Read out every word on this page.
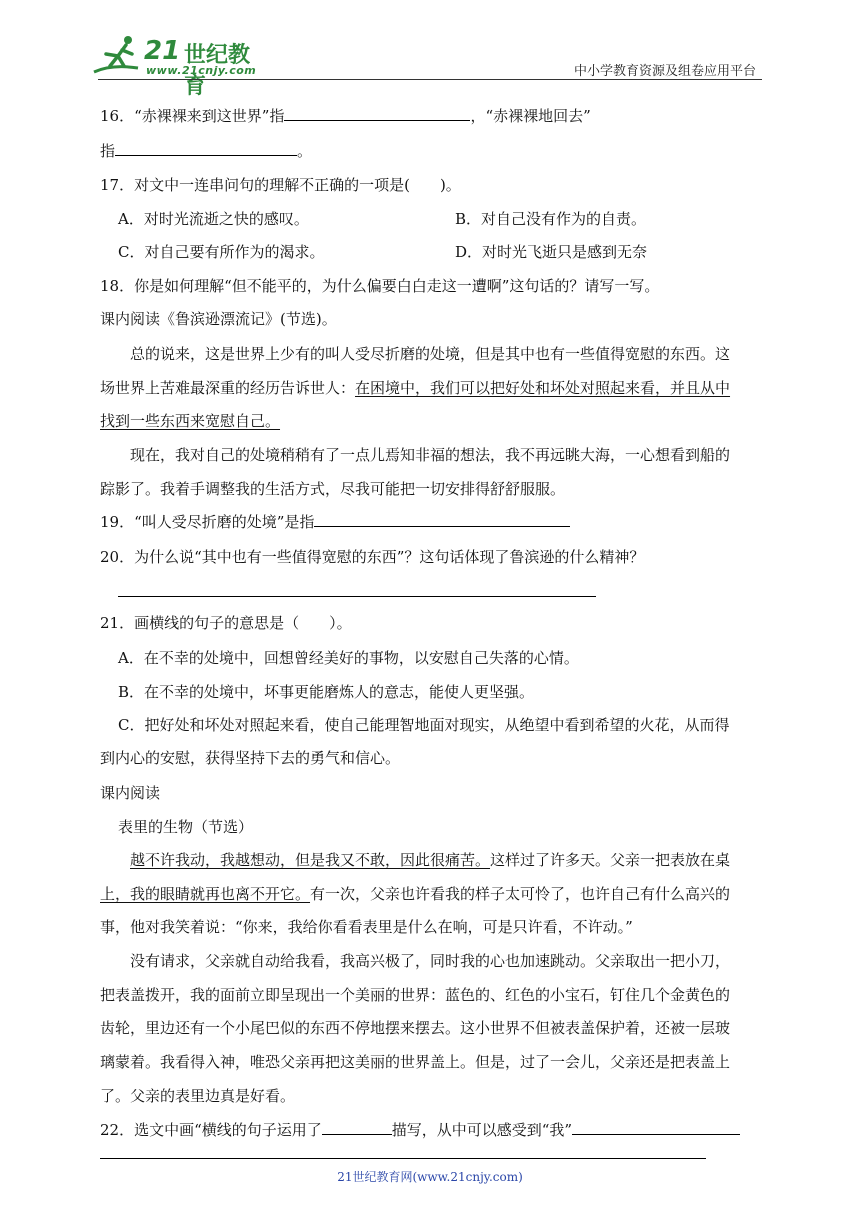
21 世纪教育
www.21cnjy.com	中小学教育资源及组卷应用平台
16．“赤裸裸来到这世界”指	，“赤裸裸地回去”
指	。
17．对文中一连串问句的理解不正确的一项是(　　)。
A．对时光流逝之快的感叹。	B．对自己没有作为的自责。
C．对自己要有所作为的渴求。	D．对时光飞逝只是感到无奈
18．你是如何理解“但不能平的，为什么偏要白白走这一遭啊”这句话的？请写一写。
课内阅读《鲁滨逊漂流记》(节选)。
总的说来，这是世界上少有的叫人受尽折磨的处境，但是其中也有一些值得宽慰的东西。这
场世界上苦难最深重的经历告诉世人：在困境中，我们可以把好处和坏处对照起来看，并且从中
找到一些东西来宽慰自己。
现在，我对自己的处境稍稍有了一点儿焉知非福的想法，我不再远眺大海，一心想看到船的
踪影了。我着手调整我的生活方式，尽我可能把一切安排得舒舒服服。
19．“叫人受尽折磨的处境”是指
20．为什么说“其中也有一些值得宽慰的东西”？这句话体现了鲁滨逊的什么精神？
21．画横线的句子的意思是（　　）。
A．在不幸的处境中，回想曾经美好的事物，以安慰自己失落的心情。
B．在不幸的处境中，坏事更能磨炼人的意志，能使人更坚强。
C．把好处和坏处对照起来看，使自己能理智地面对现实，从绝望中看到希望的火花，从而得
到内心的安慰，获得坚持下去的勇气和信心。
课内阅读
表里的生物（节选）
越不许我动，我越想动，但是我又不敢，因此很痛苦。这样过了许多天。父亲一把表放在桌
上，我的眼睛就再也离不开它。有一次，父亲也许看我的样子太可怜了，也许自己有什么高兴的
事，他对我笑着说：“你来，我给你看看表里是什么在响，可是只许看，不许动。”
没有请求，父亲就自动给我看，我高兴极了，同时我的心也加速跳动。父亲取出一把小刀，
把表盖拨开，我的面前立即呈现出一个美丽的世界：蓝色的、红色的小宝石，钉住几个金黄色的
齿轮，里边还有一个小尾巴似的东西不停地摆来摆去。这小世界不但被表盖保护着，还被一层玻
璃蒙着。我看得入神，唯恐父亲再把这美丽的世界盖上。但是，过了一会儿，父亲还是把表盖上
了。父亲的表里边真是好看。
22．选文中画“横线的句子运用了	描写，从中可以感受到“我”
21世纪教育网(www.21cnjy.com)
